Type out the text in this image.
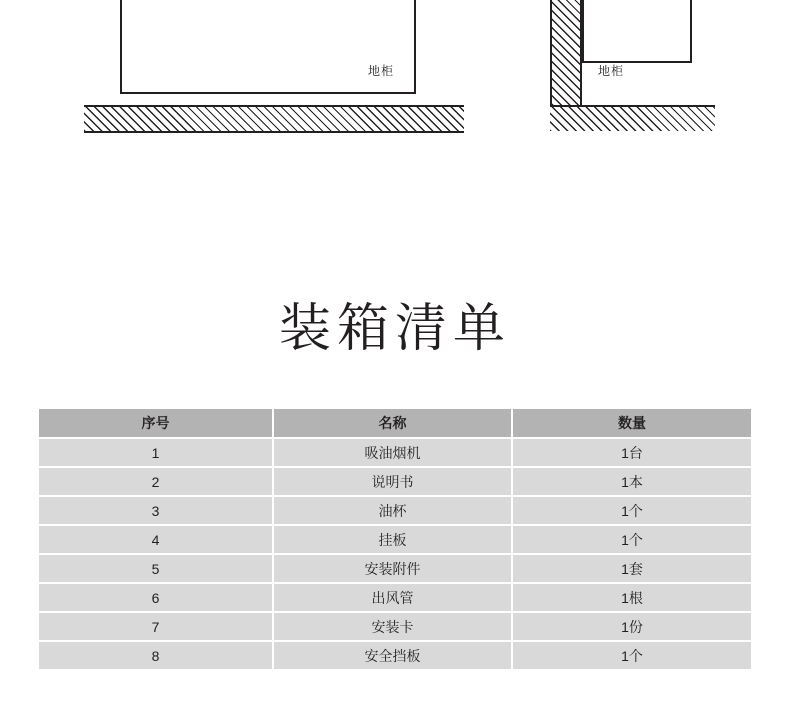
地柜	地柜
装箱清单
序号	名称	数量
1	吸油烟机	1台
2	说明书	1本
3	油杯	1个
4	挂板	1个
5	安装附件	1套
6	出风管	1根
7	安装卡	1份
8	安全挡板	1个
